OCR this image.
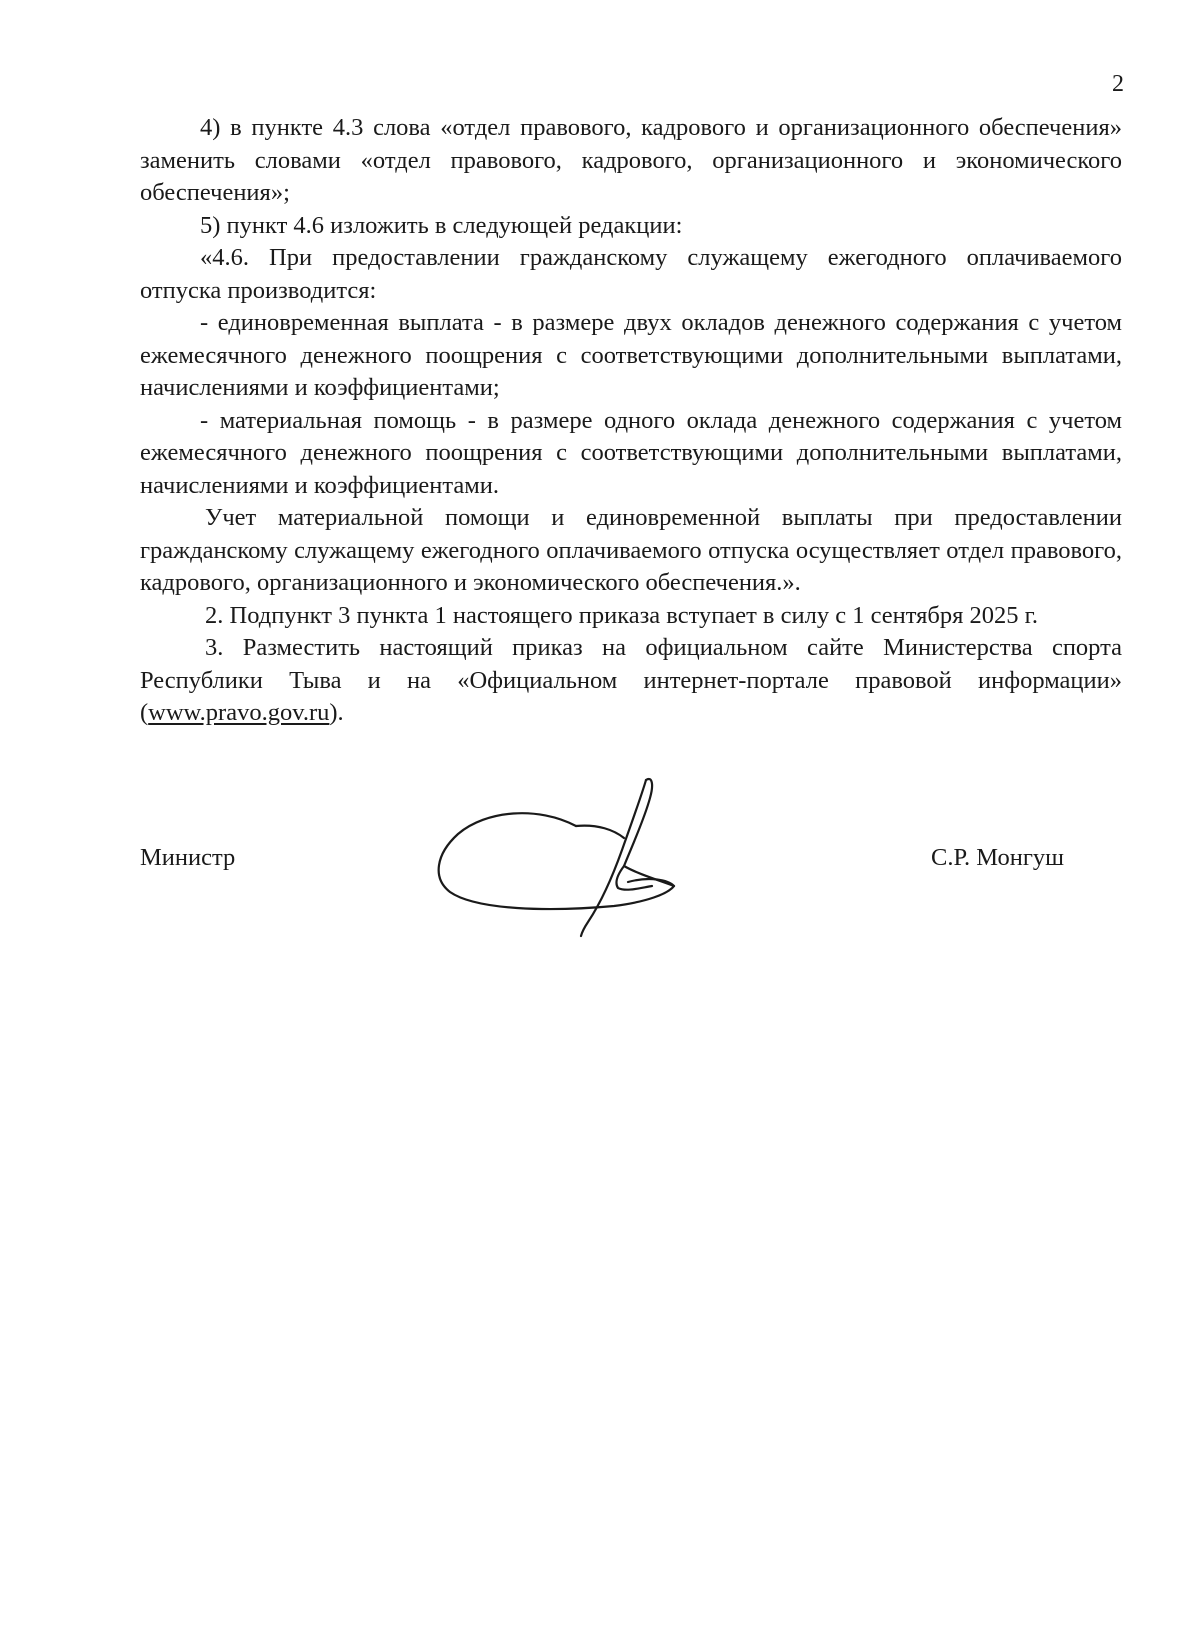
2

4) в пункте 4.3 слова «отдел правового, кадрового и организационного обеспечения» заменить словами «отдел правового, кадрового, организационного и экономического обеспечения»;

5) пункт 4.6 изложить в следующей редакции:

«4.6. При предоставлении гражданскому служащему ежегодного оплачиваемого отпуска производится:

- единовременная выплата - в размере двух окладов денежного содержания с учетом ежемесячного денежного поощрения с соответствующими дополнительными выплатами, начислениями и коэффициентами;

- материальная помощь - в размере одного оклада денежного содержания с учетом ежемесячного денежного поощрения с соответствующими дополнительными выплатами, начислениями и коэффициентами.

Учет материальной помощи и единовременной выплаты при предоставлении гражданскому служащему ежегодного оплачиваемого отпуска осуществляет отдел правового, кадрового, организационного и экономического обеспечения.».

2. Подпункт 3 пункта 1 настоящего приказа вступает в силу с 1 сентября 2025 г.

3. Разместить настоящий приказ на официальном сайте Министерства спорта Республики Тыва и на «Официальном интернет-портале правовой информации» (www.pravo.gov.ru).

Министр	С.Р. Монгуш
